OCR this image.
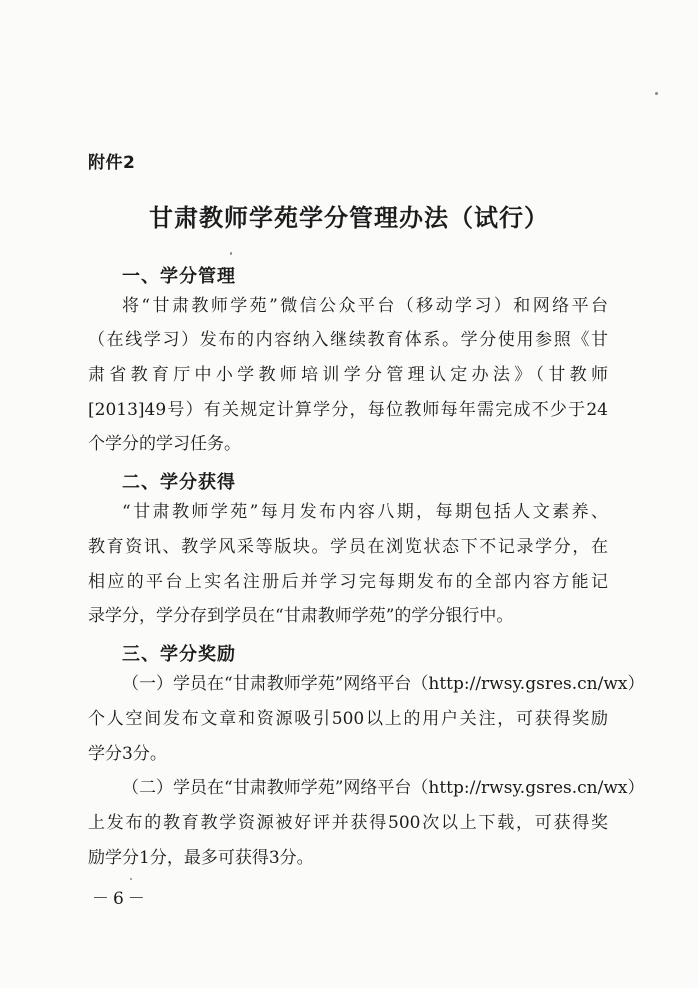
附件2
甘肃教师学苑学分管理办法（试行）
一、学分管理
将“甘肃教师学苑”微信公众平台（移动学习）和网络平台
（在线学习）发布的内容纳入继续教育体系。学分使用参照《甘
肃省教育厅中小学教师培训学分管理认定办法》（甘教师
[2013]49号）有关规定计算学分，每位教师每年需完成不少于24
个学分的学习任务。
二、学分获得
“甘肃教师学苑”每月发布内容八期，每期包括人文素养、
教育资讯、教学风采等版块。学员在浏览状态下不记录学分，在
相应的平台上实名注册后并学习完每期发布的全部内容方能记
录学分，学分存到学员在“甘肃教师学苑”的学分银行中。
三、学分奖励
（一）学员在“甘肃教师学苑”网络平台（http://rwsy.gsres.cn/wx）
个人空间发布文章和资源吸引500以上的用户关注，可获得奖励
学分3分。
（二）学员在“甘肃教师学苑”网络平台（http://rwsy.gsres.cn/wx）
上发布的教育教学资源被好评并获得500次以上下载，可获得奖
励学分1分，最多可获得3分。
－6－
